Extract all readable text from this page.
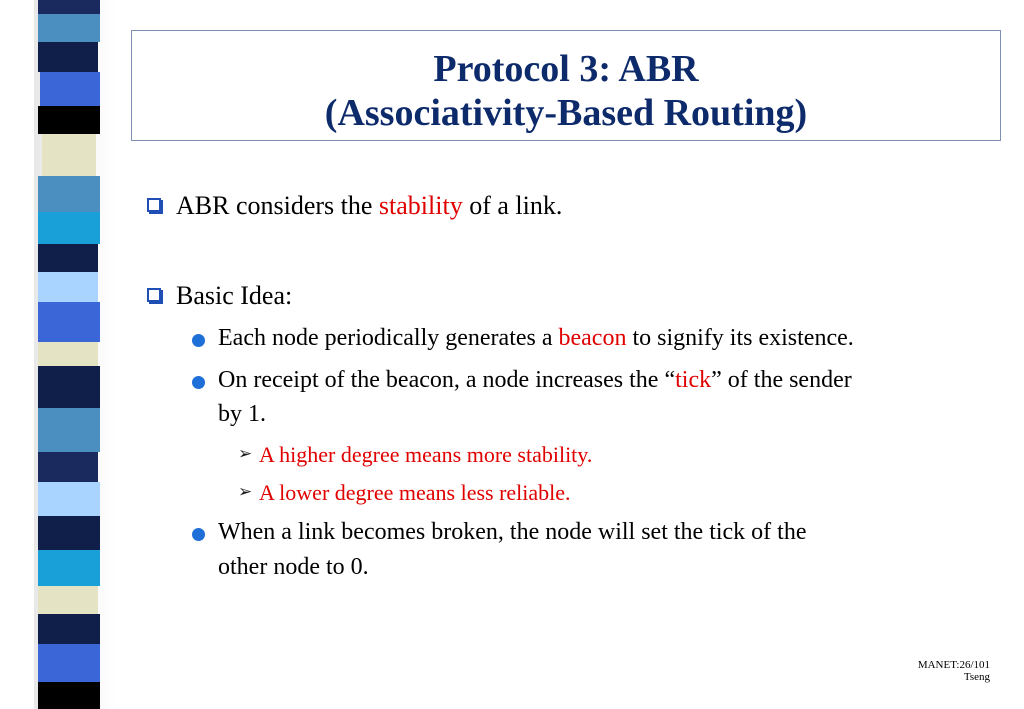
Protocol 3: ABR
(Associativity-Based Routing)
ABR considers the stability of a link.
Basic Idea:
Each node periodically generates a beacon to signify its existence.
On receipt of the beacon, a node increases the “tick” of the sender
by 1.
➢ A higher degree means more stability.
➢ A lower degree means less reliable.
When a link becomes broken, the node will set the tick of the
other node to 0.
MANET:26/101
Tseng
